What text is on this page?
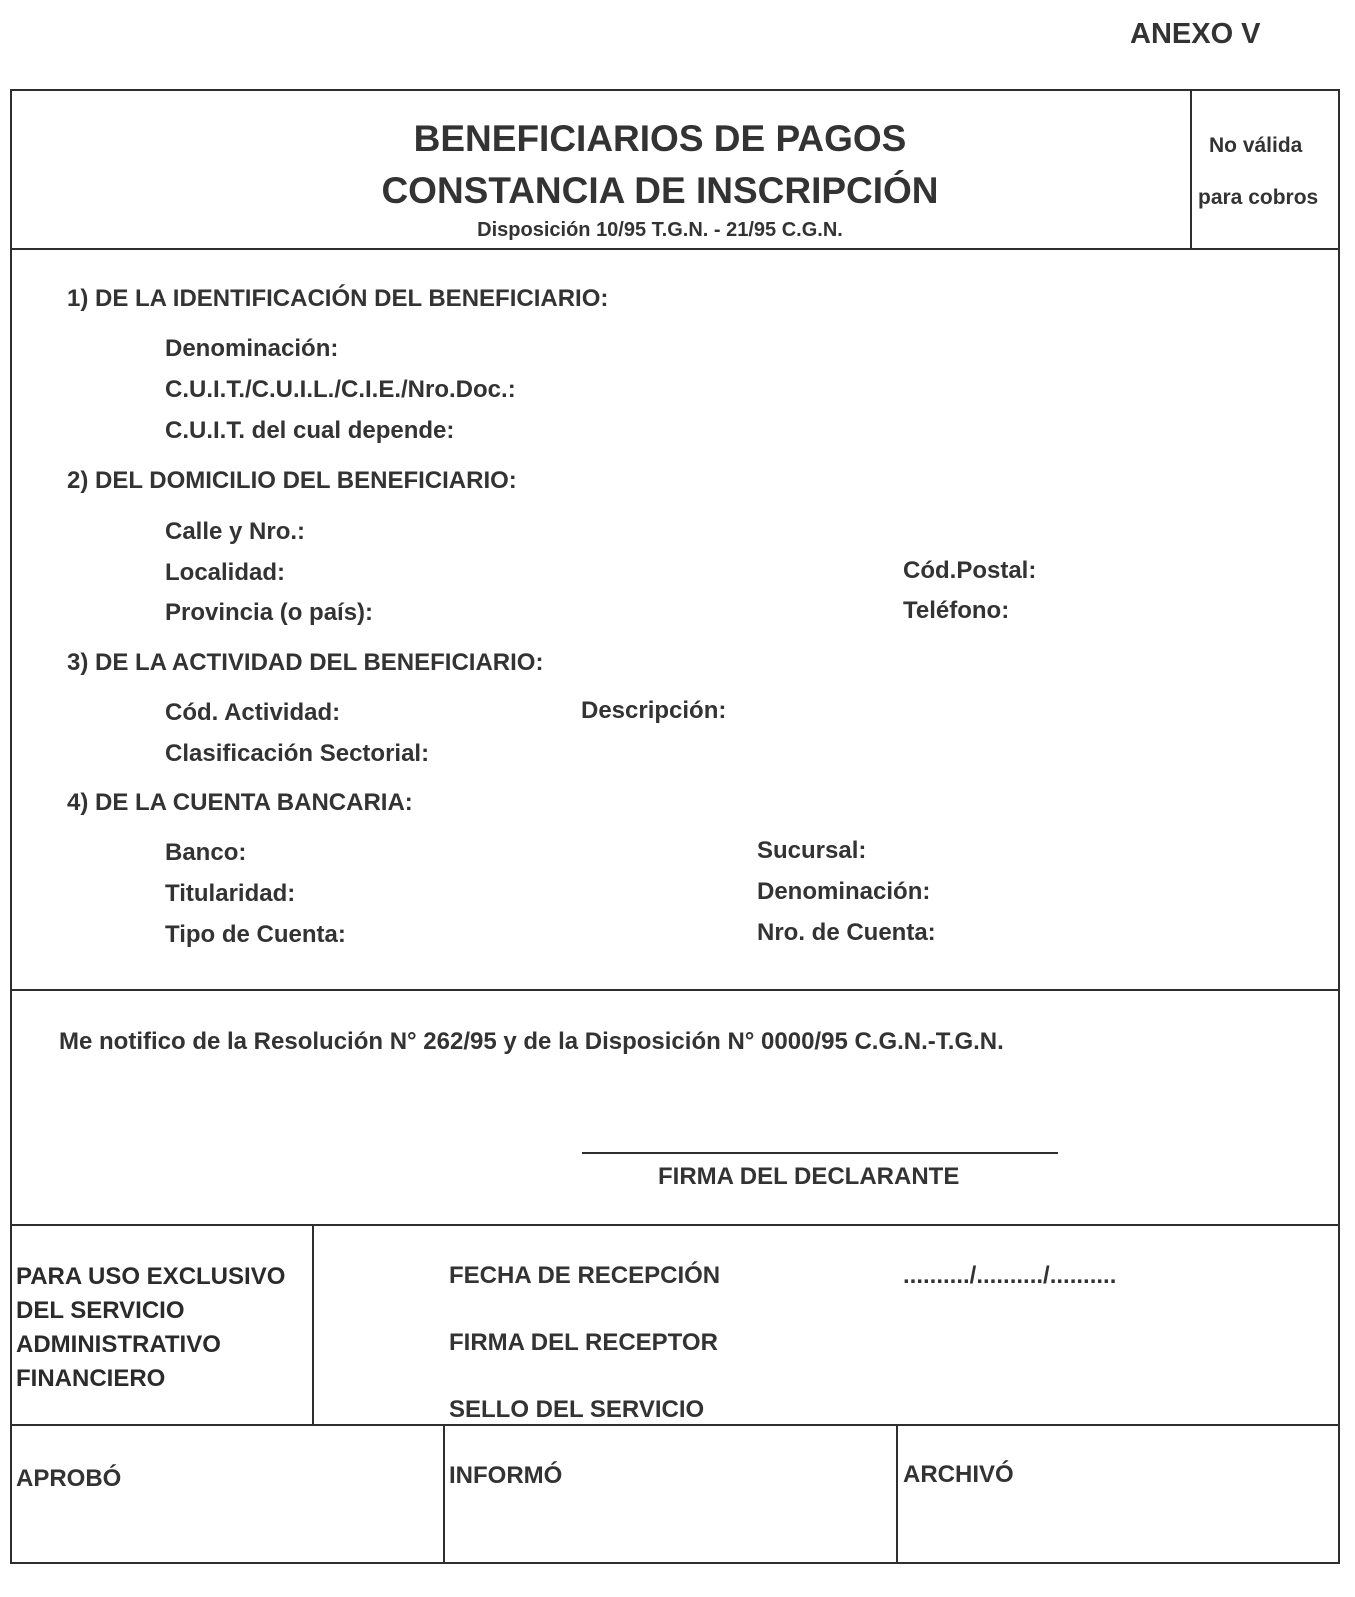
ANEXO V
BENEFICIARIOS DE PAGOS
CONSTANCIA DE INSCRIPCIÓN
Disposición 10/95 T.G.N. - 21/95 C.G.N.
No válida
para cobros
1) DE LA IDENTIFICACIÓN DEL BENEFICIARIO:
Denominación:
C.U.I.T./C.U.I.L./C.I.E./Nro.Doc.:
C.U.I.T. del cual depende:
2) DEL DOMICILIO DEL BENEFICIARIO:
Calle y Nro.:
Localidad:	Cód.Postal:
Provincia (o país):	Teléfono:
3) DE LA ACTIVIDAD DEL BENEFICIARIO:
Cód. Actividad:	Descripción:
Clasificación Sectorial:
4) DE LA CUENTA BANCARIA:
Banco:	Sucursal:
Titularidad:	Denominación:
Tipo de Cuenta:	Nro. de Cuenta:
Me notifico de la Resolución N° 262/95 y de la Disposición N° 0000/95 C.G.N.-T.G.N.
FIRMA DEL DECLARANTE
PARA USO EXCLUSIVO DEL SERVICIO ADMINISTRATIVO FINANCIERO
FECHA DE RECEPCIÓN	........../........../..........
FIRMA DEL RECEPTOR
SELLO DEL SERVICIO
APROBÓ	INFORMÓ	ARCHIVÓ
